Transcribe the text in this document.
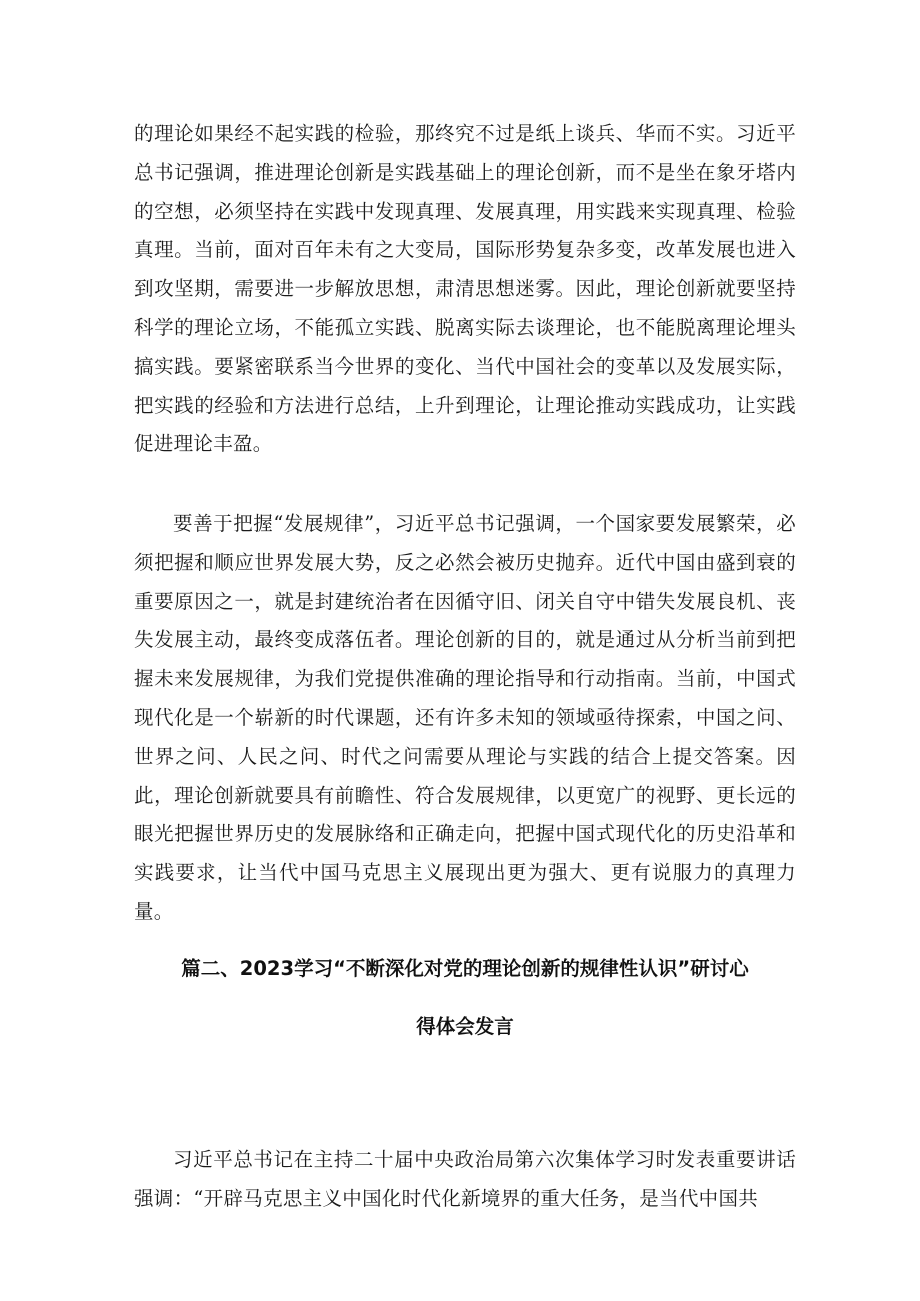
的理论如果经不起实践的检验，那终究不过是纸上谈兵、华而不实。习近平总书记强调，推进理论创新是实践基础上的理论创新，而不是坐在象牙塔内的空想，必须坚持在实践中发现真理、发展真理，用实践来实现真理、检验真理。当前，面对百年未有之大变局，国际形势复杂多变，改革发展也进入到攻坚期，需要进一步解放思想，肃清思想迷雾。因此，理论创新就要坚持科学的理论立场，不能孤立实践、脱离实际去谈理论，也不能脱离理论埋头搞实践。要紧密联系当今世界的变化、当代中国社会的变革以及发展实际，把实践的经验和方法进行总结，上升到理论，让理论推动实践成功，让实践促进理论丰盈。

要善于把握“发展规律”，习近平总书记强调，一个国家要发展繁荣，必须把握和顺应世界发展大势，反之必然会被历史抛弃。近代中国由盛到衰的重要原因之一，就是封建统治者在因循守旧、闭关自守中错失发展良机、丧失发展主动，最终变成落伍者。理论创新的目的，就是通过从分析当前到把握未来发展规律，为我们党提供准确的理论指导和行动指南。当前，中国式现代化是一个崭新的时代课题，还有许多未知的领域亟待探索，中国之问、世界之问、人民之问、时代之问需要从理论与实践的结合上提交答案。因此，理论创新就要具有前瞻性、符合发展规律，以更宽广的视野、更长远的眼光把握世界历史的发展脉络和正确走向，把握中国式现代化的历史沿革和实践要求，让当代中国马克思主义展现出更为强大、更有说服力的真理力量。

篇二、2023学习“不断深化对党的理论创新的规律性认识”研讨心
得体会发言

习近平总书记在主持二十届中央政治局第六次集体学习时发表重要讲话强调：“开辟马克思主义中国化时代化新境界的重大任务，是当代中国共
